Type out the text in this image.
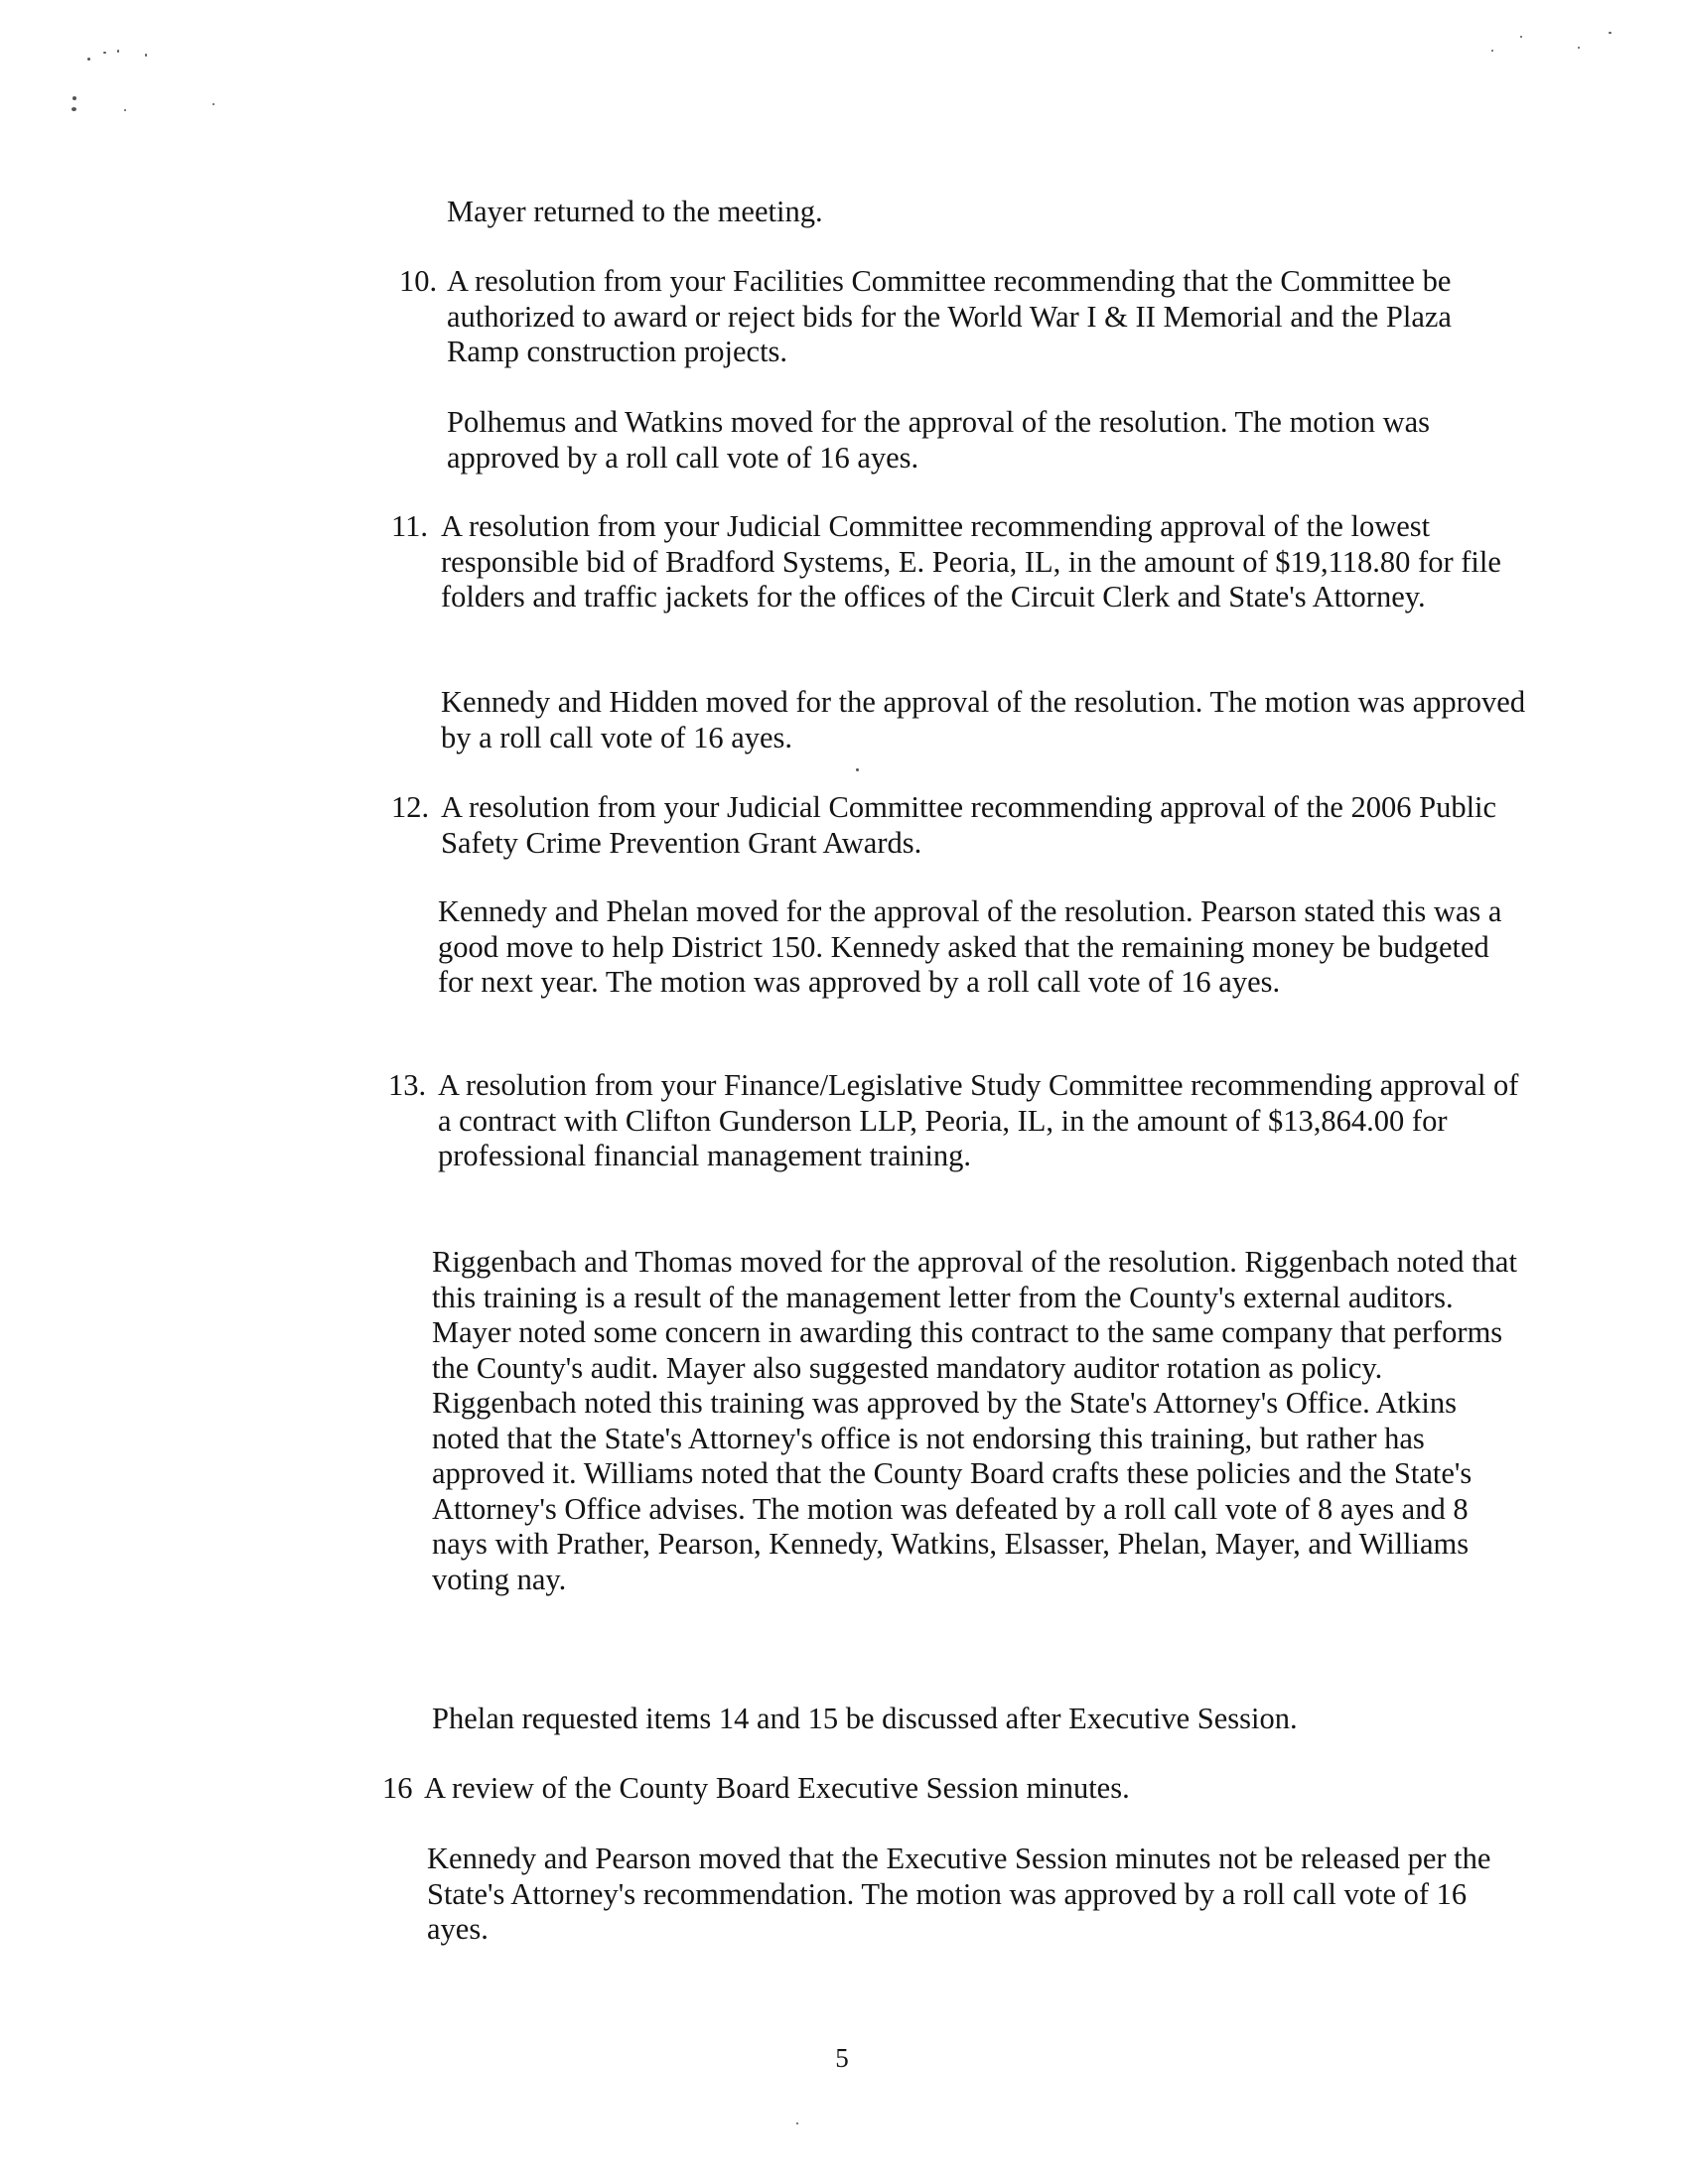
Mayer returned to the meeting.

10. A resolution from your Facilities Committee recommending that the Committee be authorized to award or reject bids for the World War I & II Memorial and the Plaza Ramp construction projects.

Polhemus and Watkins moved for the approval of the resolution. The motion was approved by a roll call vote of 16 ayes.

11. A resolution from your Judicial Committee recommending approval of the lowest responsible bid of Bradford Systems, E. Peoria, IL, in the amount of $19,118.80 for file folders and traffic jackets for the offices of the Circuit Clerk and State's Attorney.

Kennedy and Hidden moved for the approval of the resolution. The motion was approved by a roll call vote of 16 ayes.

12. A resolution from your Judicial Committee recommending approval of the 2006 Public Safety Crime Prevention Grant Awards.

Kennedy and Phelan moved for the approval of the resolution. Pearson stated this was a good move to help District 150. Kennedy asked that the remaining money be budgeted for next year. The motion was approved by a roll call vote of 16 ayes.

13. A resolution from your Finance/Legislative Study Committee recommending approval of a contract with Clifton Gunderson LLP, Peoria, IL, in the amount of $13,864.00 for professional financial management training.

Riggenbach and Thomas moved for the approval of the resolution. Riggenbach noted that this training is a result of the management letter from the County's external auditors. Mayer noted some concern in awarding this contract to the same company that performs the County's audit. Mayer also suggested mandatory auditor rotation as policy. Riggenbach noted this training was approved by the State's Attorney's Office. Atkins noted that the State's Attorney's office is not endorsing this training, but rather has approved it. Williams noted that the County Board crafts these policies and the State's Attorney's Office advises. The motion was defeated by a roll call vote of 8 ayes and 8 nays with Prather, Pearson, Kennedy, Watkins, Elsasser, Phelan, Mayer, and Williams voting nay.

Phelan requested items 14 and 15 be discussed after Executive Session.

16 A review of the County Board Executive Session minutes.

Kennedy and Pearson moved that the Executive Session minutes not be released per the State's Attorney's recommendation. The motion was approved by a roll call vote of 16 ayes.

5
